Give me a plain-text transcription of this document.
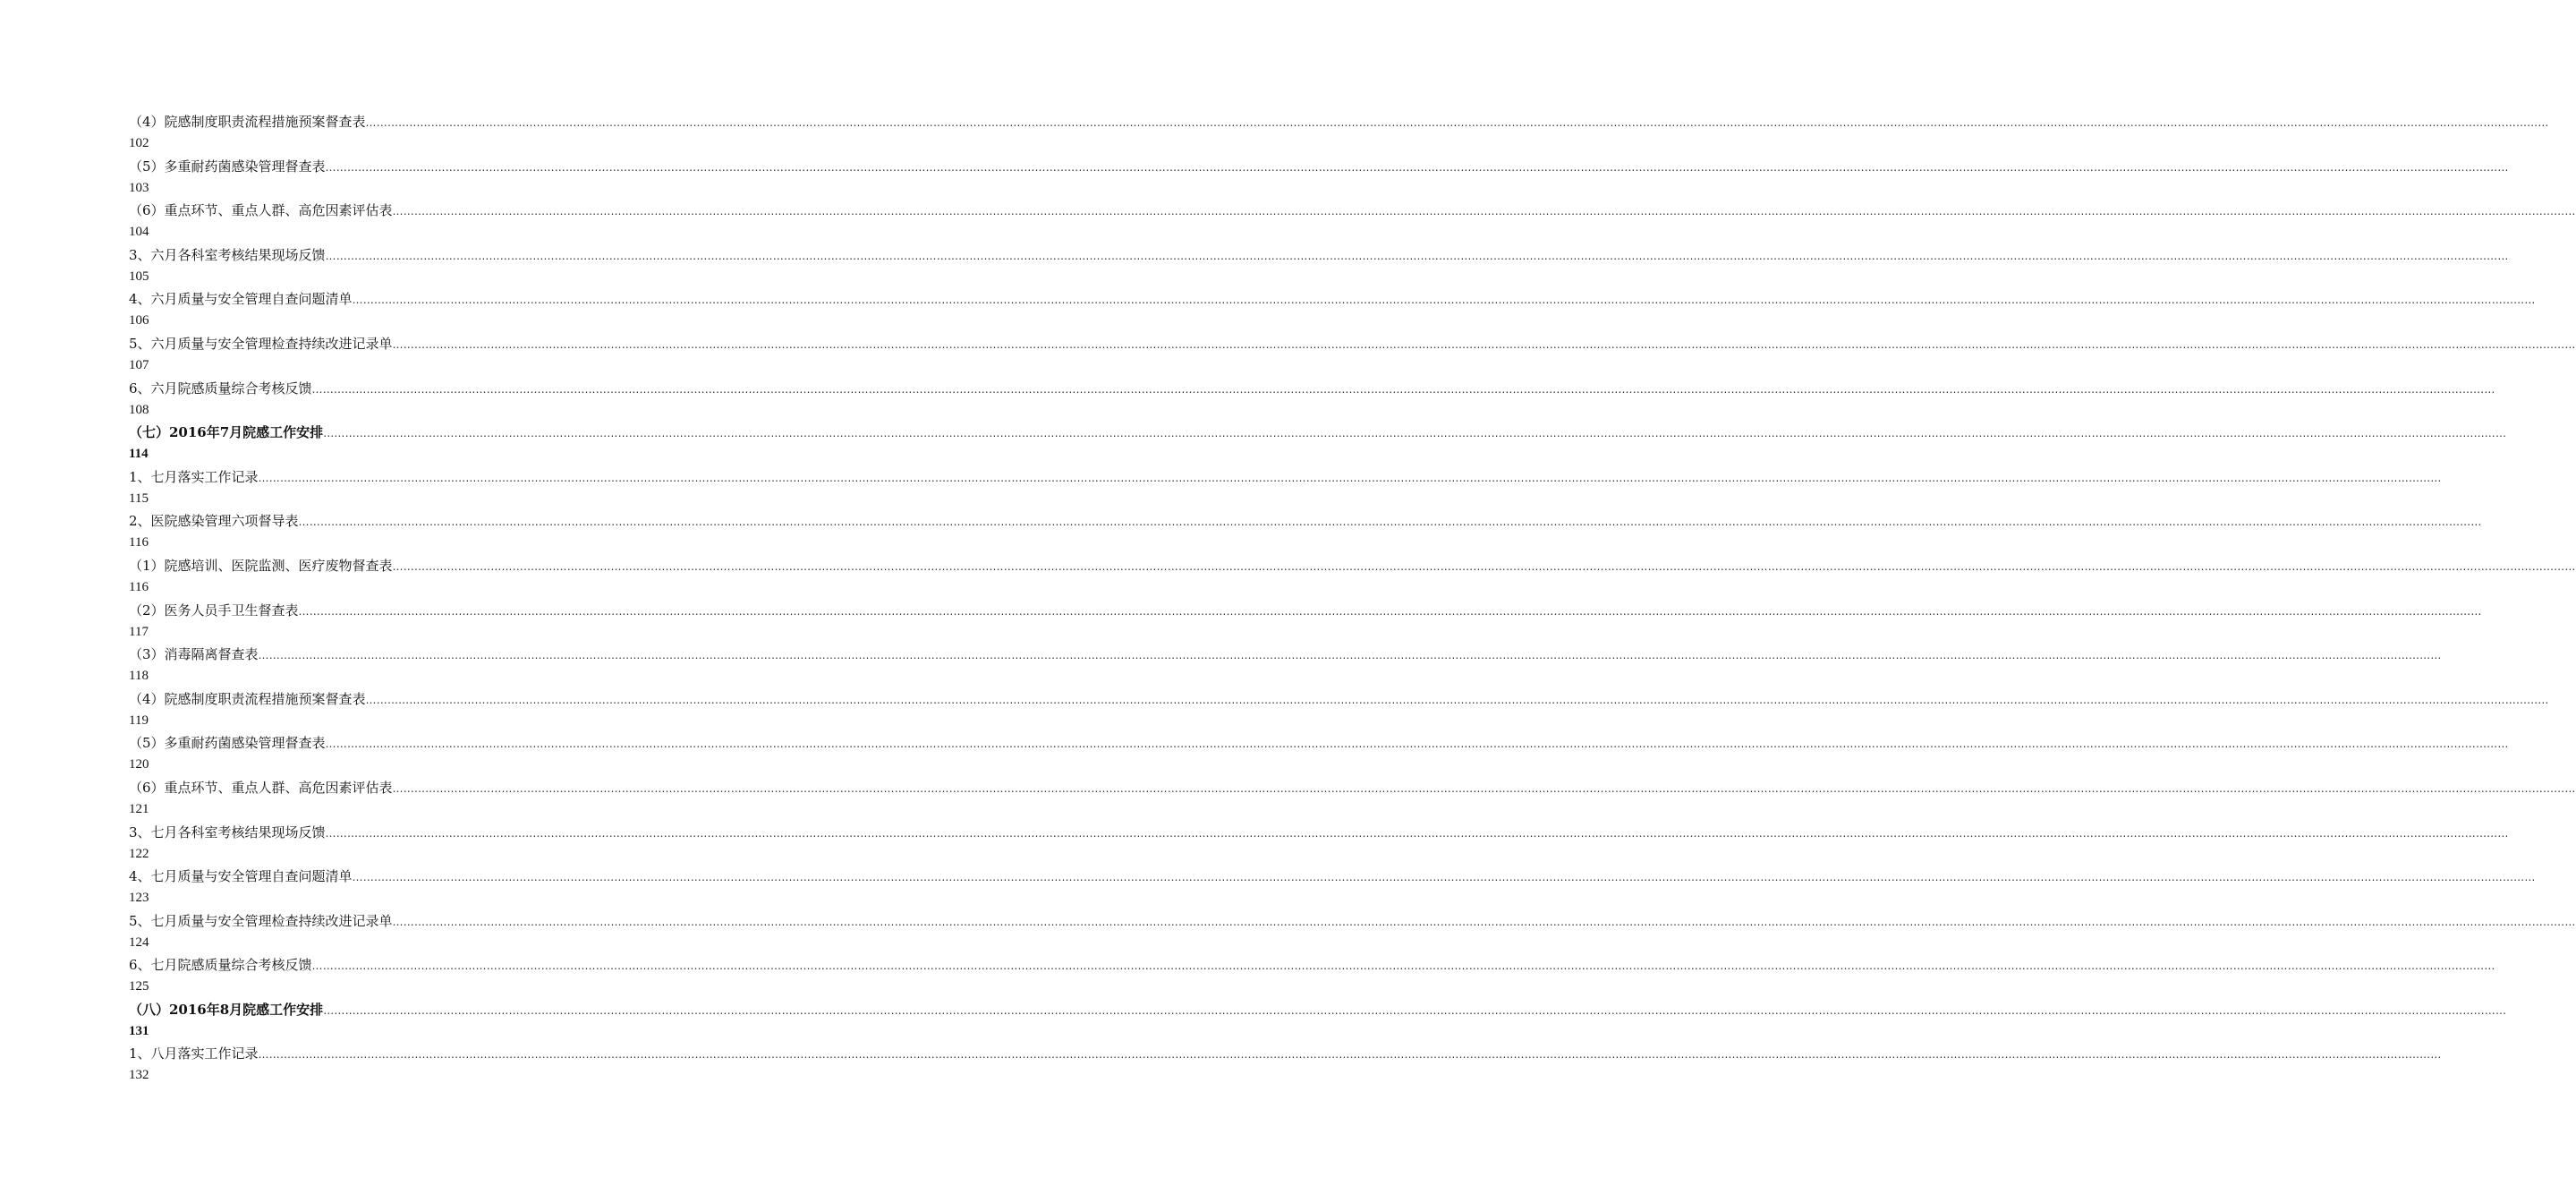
（4）院感制度职责流程措施预案督查表 ……………………………………………………………………………………………………………………………………………………………………………………………………………………………………………………………………………………………………………………………………………………………………………………………………………………………………………………………………………………………………………………………………………………
102
（5）多重耐药菌感染管理督查表 ……………………………………………………………………………………………………………………………………………………………………………………………………………………………………………………………………………………………………………………………………………………………………………………………………………………………………………………………………………………………………………………………………………………
103
（6）重点环节、重点人群、高危因素评估表 ……………………………………………………………………………………………………………………………………………………………………………………………………………………………………………………………………………………………………………………………………………………………………………………………………………………………………………………………………………………………………………………………………………………
104
3、六月各科室考核结果现场反馈 ……………………………………………………………………………………………………………………………………………………………………………………………………………………………………………………………………………………………………………………………………………………………………………………………………………………………………………………………………………………………………………………………………………………
105
4、六月质量与安全管理自查问题清单 ……………………………………………………………………………………………………………………………………………………………………………………………………………………………………………………………………………………………………………………………………………………………………………………………………………………………………………………………………………………………………………………………………………………
106
5、六月质量与安全管理检查持续改进记录单 ……………………………………………………………………………………………………………………………………………………………………………………………………………………………………………………………………………………………………………………………………………………………………………………………………………………………………………………………………………………………………………………………………………………
107
6、六月院感质量综合考核反馈 ……………………………………………………………………………………………………………………………………………………………………………………………………………………………………………………………………………………………………………………………………………………………………………………………………………………………………………………………………………………………………………………………………………………
108
（七）2016年7月院感工作安排 ……………………………………………………………………………………………………………………………………………………………………………………………………………………………………………………………………………………………………………………………………………………………………………………………………………………………………………………………………………………………………………………………………………………
114
1、七月落实工作记录 ……………………………………………………………………………………………………………………………………………………………………………………………………………………………………………………………………………………………………………………………………………………………………………………………………………………………………………………………………………………………………………………………………………………
115
2、医院感染管理六项督导表 ……………………………………………………………………………………………………………………………………………………………………………………………………………………………………………………………………………………………………………………………………………………………………………………………………………………………………………………………………………………………………………………………………………………
116
（1）院感培训、医院监测、医疗废物督查表 ……………………………………………………………………………………………………………………………………………………………………………………………………………………………………………………………………………………………………………………………………………………………………………………………………………………………………………………………………………………………………………………………………………………
116
（2）医务人员手卫生督查表 ……………………………………………………………………………………………………………………………………………………………………………………………………………………………………………………………………………………………………………………………………………………………………………………………………………………………………………………………………………………………………………………………………………………
117
（3）消毒隔离督查表 ……………………………………………………………………………………………………………………………………………………………………………………………………………………………………………………………………………………………………………………………………………………………………………………………………………………………………………………………………………………………………………………………………………………
118
（4）院感制度职责流程措施预案督查表 ……………………………………………………………………………………………………………………………………………………………………………………………………………………………………………………………………………………………………………………………………………………………………………………………………………………………………………………………………………………………………………………………………………………
119
（5）多重耐药菌感染管理督查表 ……………………………………………………………………………………………………………………………………………………………………………………………………………………………………………………………………………………………………………………………………………………………………………………………………………………………………………………………………………………………………………………………………………………
120
（6）重点环节、重点人群、高危因素评估表 ……………………………………………………………………………………………………………………………………………………………………………………………………………………………………………………………………………………………………………………………………………………………………………………………………………………………………………………………………………………………………………………………………………………
121
3、七月各科室考核结果现场反馈 ……………………………………………………………………………………………………………………………………………………………………………………………………………………………………………………………………………………………………………………………………………………………………………………………………………………………………………………………………………………………………………………………………………………
122
4、七月质量与安全管理自查问题清单 ……………………………………………………………………………………………………………………………………………………………………………………………………………………………………………………………………………………………………………………………………………………………………………………………………………………………………………………………………………………………………………………………………………………
123
5、七月质量与安全管理检查持续改进记录单 ……………………………………………………………………………………………………………………………………………………………………………………………………………………………………………………………………………………………………………………………………………………………………………………………………………………………………………………………………………………………………………………………………………………
124
6、七月院感质量综合考核反馈 ……………………………………………………………………………………………………………………………………………………………………………………………………………………………………………………………………………………………………………………………………………………………………………………………………………………………………………………………………………………………………………………………………………………
125
（八）2016年8月院感工作安排 ……………………………………………………………………………………………………………………………………………………………………………………………………………………………………………………………………………………………………………………………………………………………………………………………………………………………………………………………………………………………………………………………………………………
131
1、八月落实工作记录 ……………………………………………………………………………………………………………………………………………………………………………………………………………………………………………………………………………………………………………………………………………………………………………………………………………………………………………………………………………………………………………………………………………………
132
